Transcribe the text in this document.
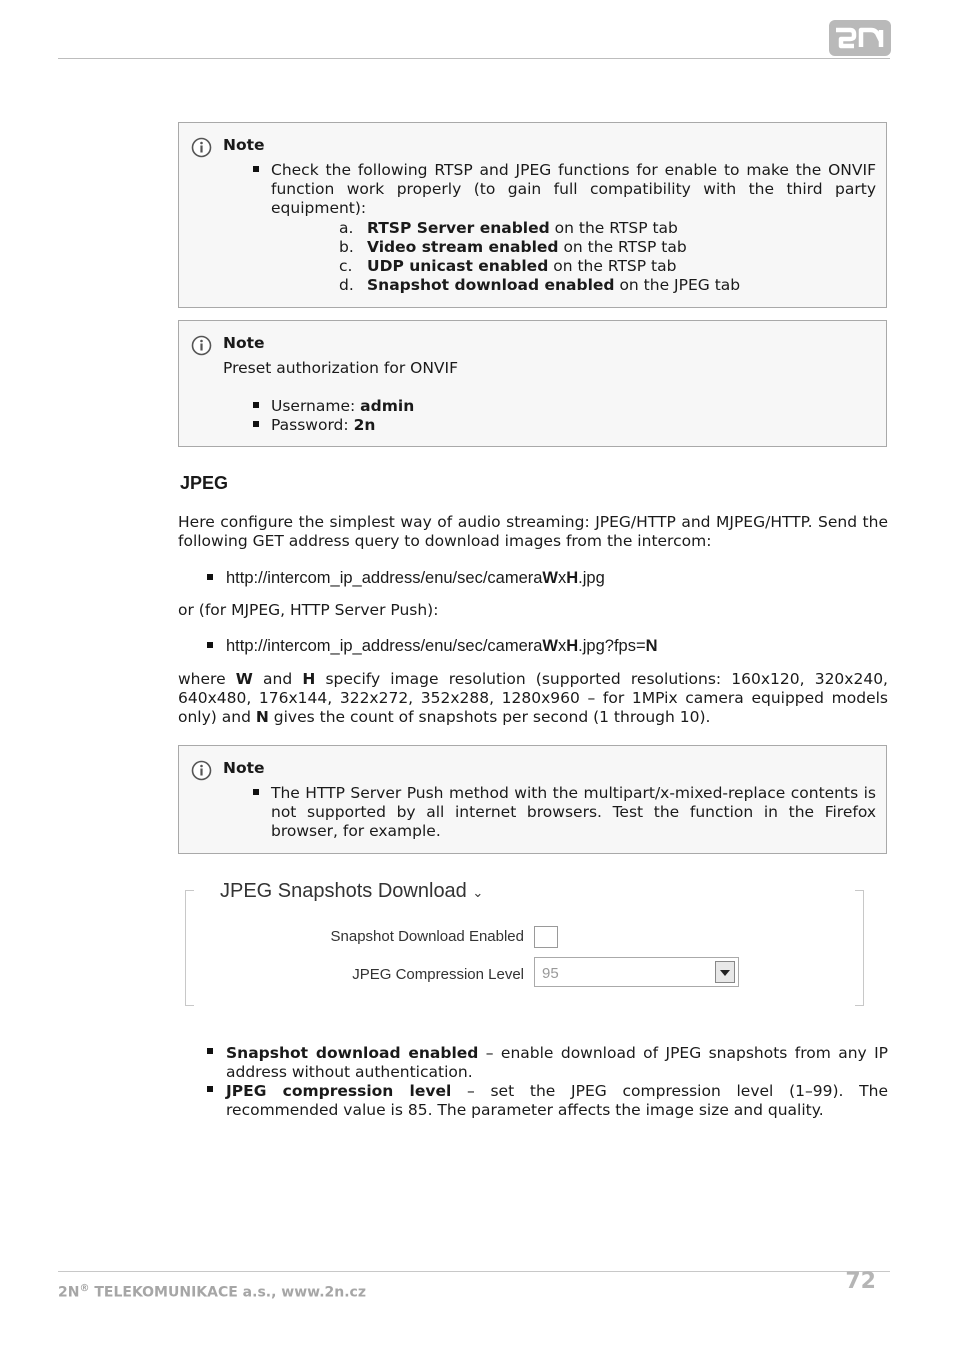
Note
Check the following RTSP and JPEG functions for enable to make the ONVIF function work properly (to gain full compatibility with the third party equipment):
a. RTSP Server enabled on the RTSP tab
b. Video stream enabled on the RTSP tab
c. UDP unicast enabled on the RTSP tab
d. Snapshot download enabled on the JPEG tab
Note
Preset authorization for ONVIF
Username: admin
Password: 2n
JPEG
Here configure the simplest way of audio streaming: JPEG/HTTP and MJPEG/HTTP. Send the following GET address query to download images from the intercom:
http://intercom_ip_address/enu/sec/cameraWxH.jpg
or (for MJPEG, HTTP Server Push):
http://intercom_ip_address/enu/sec/cameraWxH.jpg?fps=N
where W and H specify image resolution (supported resolutions: 160x120, 320x240, 640x480, 176x144, 322x272, 352x288, 1280x960 – for 1MPix camera equipped models only) and N gives the count of snapshots per second (1 through 10).
Note
The HTTP Server Push method with the multipart/x-mixed-replace contents is not supported by all internet browsers. Test the function in the Firefox browser, for example.
JPEG Snapshots Download ⌄
Snapshot Download Enabled
JPEG Compression Level 95
Snapshot download enabled – enable download of JPEG snapshots from any IP address without authentication.
JPEG compression level – set the JPEG compression level (1–99). The recommended value is 85. The parameter affects the image size and quality.
2N® TELEKOMUNIKACE a.s., www.2n.cz	72
